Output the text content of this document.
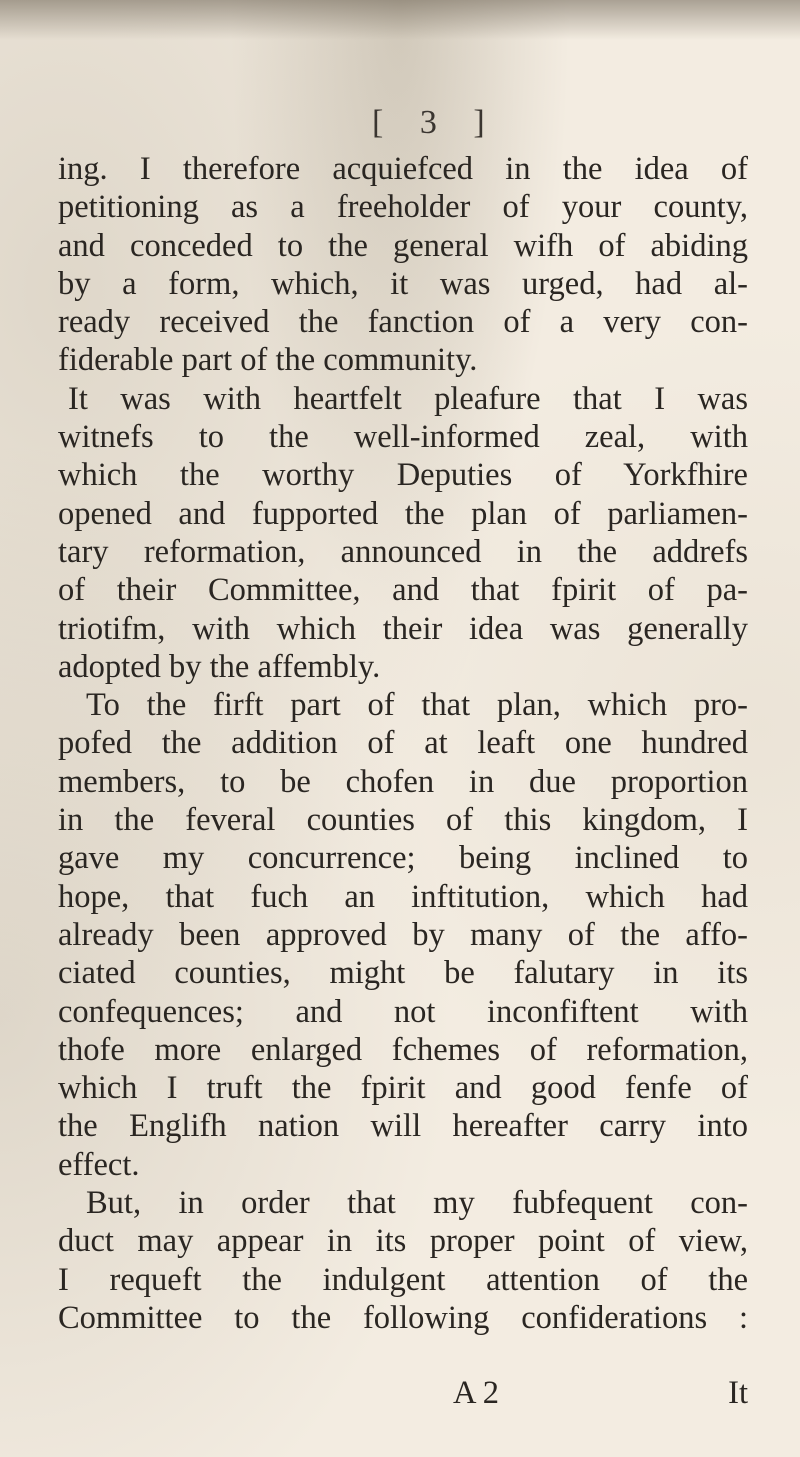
[ 3 ]
ing. I therefore acquiefced in the idea of
petitioning as a freeholder of your county,
and conceded to the general wifh of abiding
by a form, which, it was urged, had al-
ready received the fanction of a very con-
fiderable part of the community.
It was with heartfelt pleafure that I was
witnefs to the well-informed zeal, with
which the worthy Deputies of Yorkfhire
opened and fupported the plan of parliamen-
tary reformation, announced in the addrefs
of their Committee, and that fpirit of pa-
triotifm, with which their idea was generally
adopted by the affembly.
To the firft part of that plan, which pro-
pofed the addition of at leaft one hundred
members, to be chofen in due proportion
in the feveral counties of this kingdom, I
gave my concurrence; being inclined to
hope, that fuch an inftitution, which had
already been approved by many of the affo-
ciated counties, might be falutary in its
confequences; and not inconfiftent with
thofe more enlarged fchemes of reformation,
which I truft the fpirit and good fenfe of
the Englifh nation will hereafter carry into
effect.
But, in order that my fubfequent con-
duct may appear in its proper point of view,
I requeft the indulgent attention of the
Committee to the following confiderations :
A 2	It
